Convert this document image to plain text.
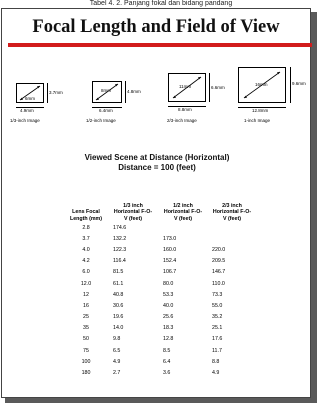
Tabel 4. 2. Panjang fokal dan bidang pandang
Focal Length and Field of View
6mm
3.7mm
4.9mm
1/3-inch Image
8mm	4.8mm
6.4mm
1/2-inch Image
11mm	6.6mm
8.8mm
2/3-inch Image
16mm	9.6mm
12.8mm
1-inch Image
Viewed Scene at Distance (Horizontal)
Distance = 100 (feet)
Lens Focal Length (mm)	1/3 inch Horizontal F-O-V (feet)	1/2 inch Horizontal F-O-V (feet)	2/3 inch Horizontal F-O-V (feet)
2.8	174.6		
3.7	132.2	173.0	
4.0	122.3	160.0	220.0
4.2	116.4	152.4	209.5
6.0	81.5	106.7	146.7
12.0	61.1	80.0	110.0
12	40.8	53.3	73.3
16	30.6	40.0	55.0
25	19.6	25.6	35.2
35	14.0	18.3	25.1
50	9.8	12.8	17.6
75	6.5	8.5	11.7
100	4.9	6.4	8.8
180	2.7	3.6	4.9
